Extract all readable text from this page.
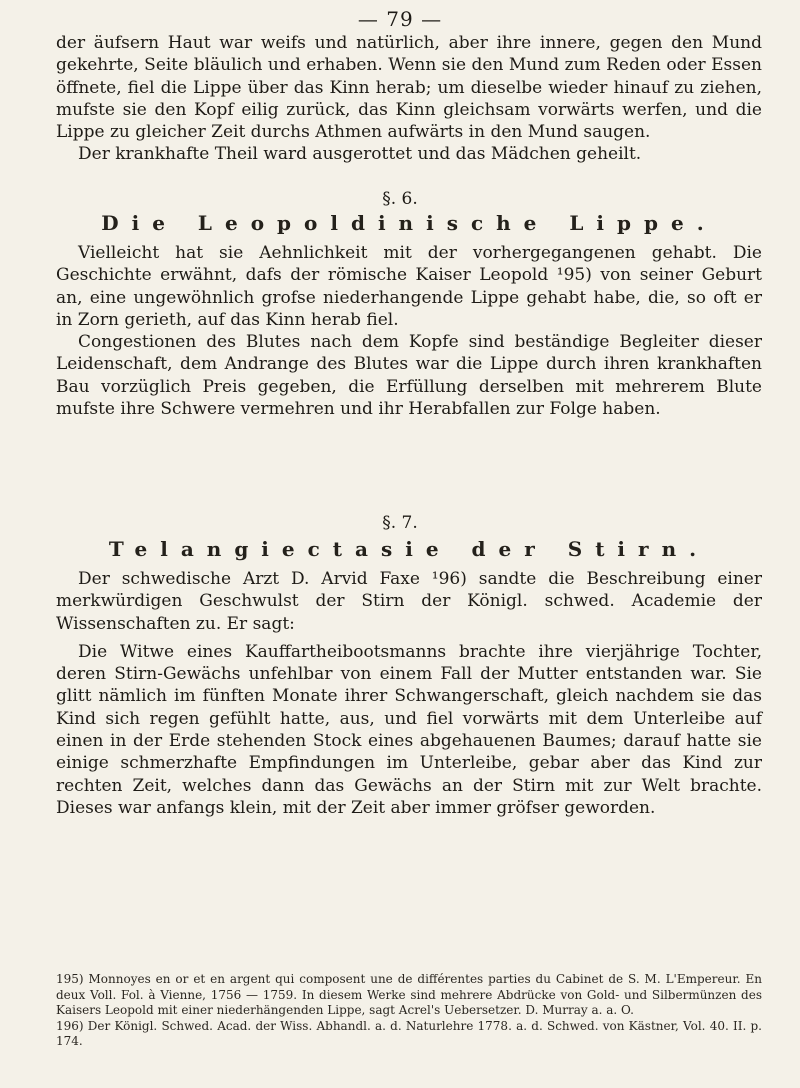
— 79 —

der äufsern Haut war weifs und natürlich, aber ihre innere, gegen den Mund gekehrte, Seite bläulich und erhaben. Wenn sie den Mund zum Reden oder Essen öffnete, fiel die Lippe über das Kinn herab; um dieselbe wieder hinauf zu ziehen, mufste sie den Kopf eilig zurück, das Kinn gleichsam vorwärts werfen, und die Lippe zu gleicher Zeit durchs Athmen aufwärts in den Mund saugen.

Der krankhafte Theil ward ausgerottet und das Mädchen geheilt.

§. 6.
Die Leopoldinische Lippe.

Vielleicht hat sie Aehnlichkeit mit der vorhergegangenen gehabt. Die Geschichte erwähnt, dafs der römische Kaiser Leopold ¹95) von seiner Geburt an, eine ungewöhnlich grofse niederhangende Lippe gehabt habe, die, so oft er in Zorn gerieth, auf das Kinn herab fiel.

Congestionen des Blutes nach dem Kopfe sind beständige Begleiter dieser Leidenschaft, dem Andrange des Blutes war die Lippe durch ihren krankhaften Bau vorzüglich Preis gegeben, die Erfüllung derselben mit mehrerem Blute mufste ihre Schwere vermehren und ihr Herabfallen zur Folge haben.

§. 7.
Telangiectasie der Stirn.

Der schwedische Arzt D. Arvid Faxe ¹96) sandte die Beschreibung einer merkwürdigen Geschwulst der Stirn der Königl. schwed. Academie der Wissenschaften zu. Er sagt:

Die Witwe eines Kauffartheibootsmanns brachte ihre vierjährige Tochter, deren Stirn-Gewächs unfehlbar von einem Fall der Mutter entstanden war. Sie glitt nämlich im fünften Monate ihrer Schwangerschaft, gleich nachdem sie das Kind sich regen gefühlt hatte, aus, und fiel vorwärts mit dem Unterleibe auf einen in der Erde stehenden Stock eines abgehauenen Baumes; darauf hatte sie einige schmerzhafte Empfindungen im Unterleibe, gebar aber das Kind zur rechten Zeit, welches dann das Gewächs an der Stirn mit zur Welt brachte. Dieses war anfangs klein, mit der Zeit aber immer gröfser geworden.

195) Monnoyes en or et en argent qui composent une de différentes parties du Cabinet de S. M. L'Empereur. En deux Voll. Fol. à Vienne, 1756 — 1759. In diesem Werke sind mehrere Abdrücke von Gold- und Silbermünzen des Kaisers Leopold mit einer niederhängenden Lippe, sagt Acrel's Uebersetzer. D. Murray a. a. O.

196) Der Königl. Schwed. Acad. der Wiss. Abhandl. a. d. Naturlehre 1778. a. d. Schwed. von Kästner, Vol. 40. II. p. 174.
